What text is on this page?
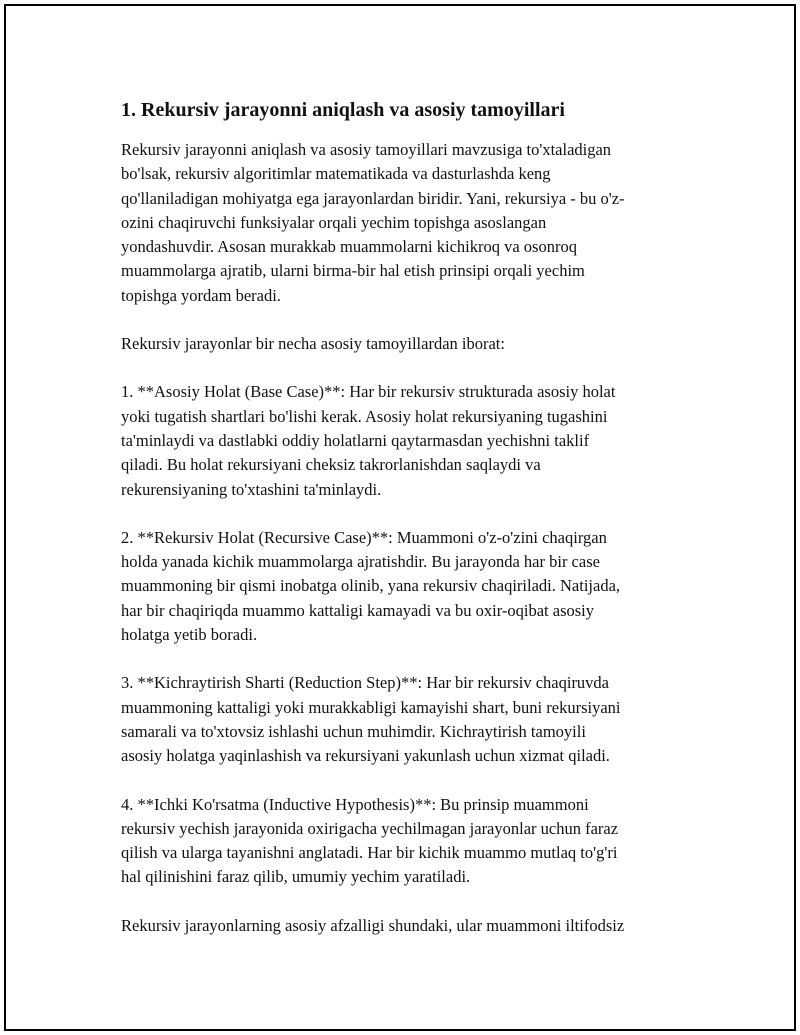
1. Rekursiv jarayonni aniqlash va asosiy tamoyillari

Rekursiv jarayonni aniqlash va asosiy tamoyillari mavzusiga to'xtaladigan
bo'lsak, rekursiv algoritimlar matematikada va dasturlashda keng
qo'llaniladigan mohiyatga ega jarayonlardan biridir. Yani, rekursiya - bu o'z-
ozini chaqiruvchi funksiyalar orqali yechim topishga asoslangan
yondashuvdir. Asosan murakkab muammolarni kichikroq va osonroq
muammolarga ajratib, ularni birma-bir hal etish prinsipi orqali yechim
topishga yordam beradi.

Rekursiv jarayonlar bir necha asosiy tamoyillardan iborat:

1. **Asosiy Holat (Base Case)**: Har bir rekursiv strukturada asosiy holat
yoki tugatish shartlari bo'lishi kerak. Asosiy holat rekursiyaning tugashini
ta'minlaydi va dastlabki oddiy holatlarni qaytarmasdan yechishni taklif
qiladi. Bu holat rekursiyani cheksiz takrorlanishdan saqlaydi va
rekurensiyaning to'xtashini ta'minlaydi.

2. **Rekursiv Holat (Recursive Case)**: Muammoni o'z-o'zini chaqirgan
holda yanada kichik muammolarga ajratishdir. Bu jarayonda har bir case
muammoning bir qismi inobatga olinib, yana rekursiv chaqiriladi. Natijada,
har bir chaqiriqda muammo kattaligi kamayadi va bu oxir-oqibat asosiy
holatga yetib boradi.

3. **Kichraytirish Sharti (Reduction Step)**: Har bir rekursiv chaqiruvda
muammoning kattaligi yoki murakkabligi kamayishi shart, buni rekursiyani
samarali va to'xtovsiz ishlashi uchun muhimdir. Kichraytirish tamoyili
asosiy holatga yaqinlashish va rekursiyani yakunlash uchun xizmat qiladi.

4. **Ichki Ko'rsatma (Inductive Hypothesis)**: Bu prinsip muammoni
rekursiv yechish jarayonida oxirigacha yechilmagan jarayonlar uchun faraz
qilish va ularga tayanishni anglatadi. Har bir kichik muammo mutlaq to'g'ri
hal qilinishini faraz qilib, umumiy yechim yaratiladi.

Rekursiv jarayonlarning asosiy afzalligi shundaki, ular muammoni iltifodsiz
